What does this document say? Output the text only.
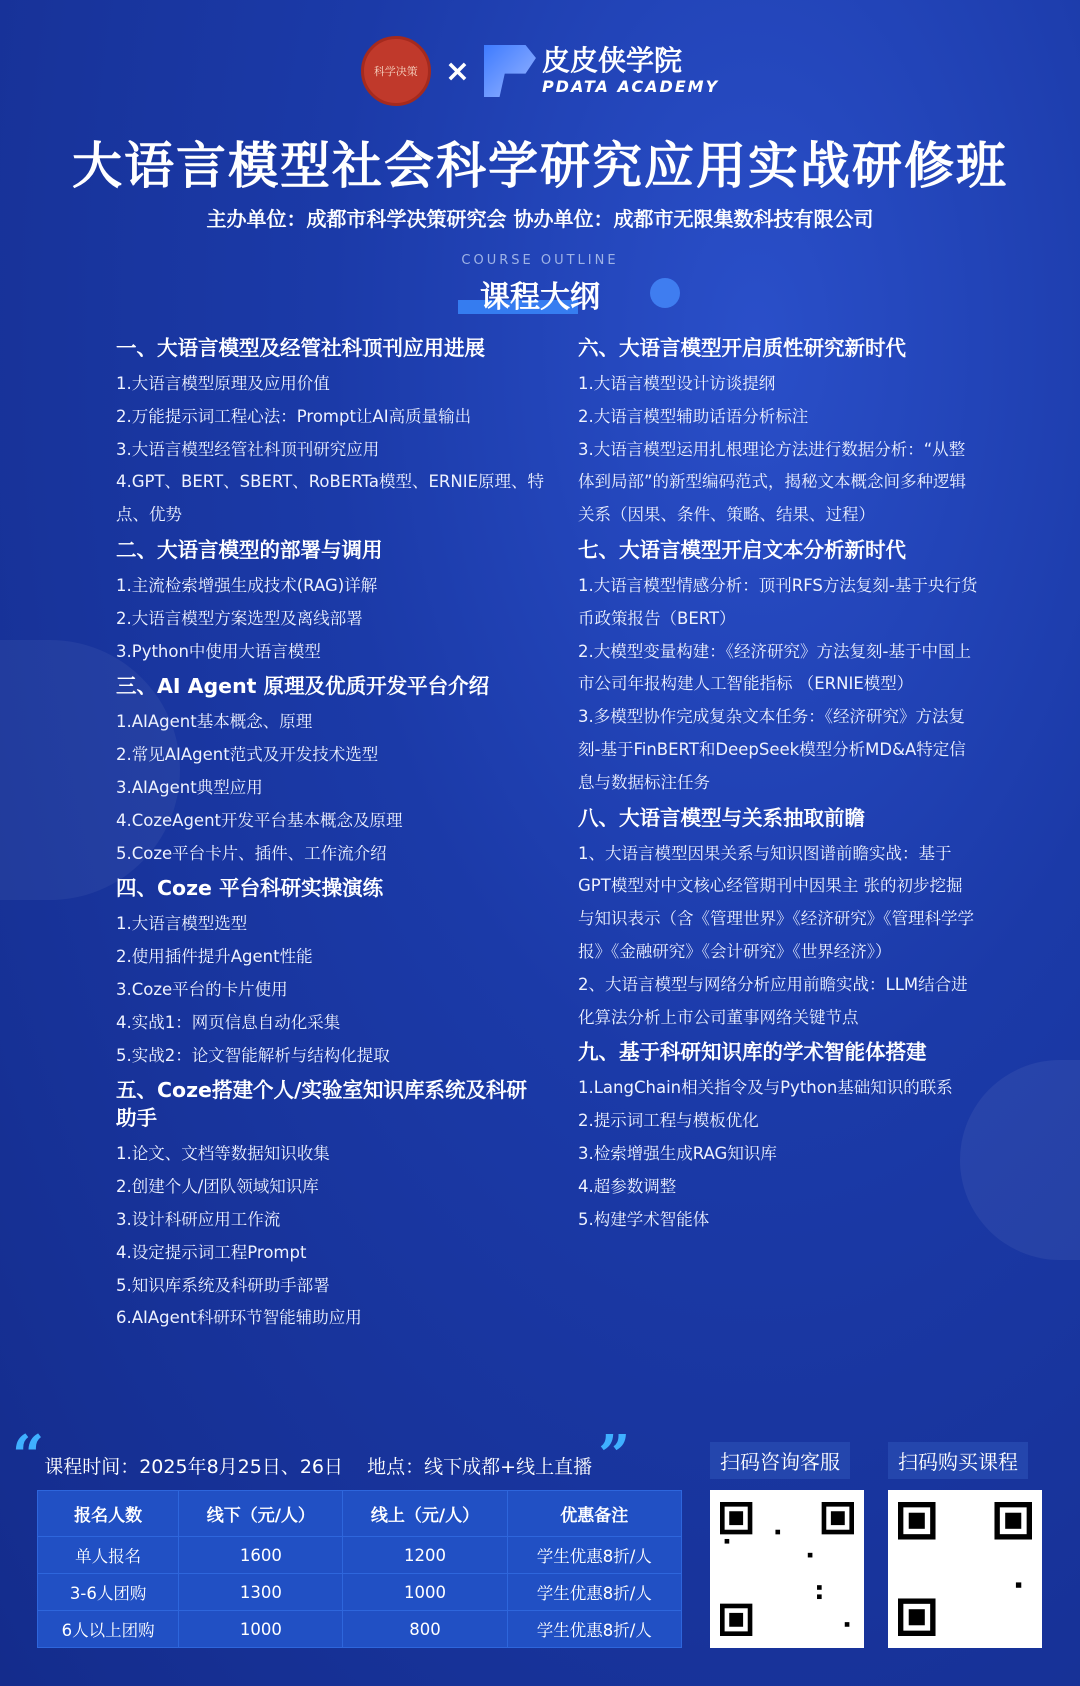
科学决策 ×	皮皮侠学院
PDATA ACADEMY
大语言模型社会科学研究应用实战研修班
主办单位：成都市科学决策研究会 协办单位：成都市无限集数科技有限公司
COURSE OUTLINE
课程大纲
一、大语言模型及经管社科顶刊应用进展

1.大语言模型原理及应用价值

2.万能提示词工程心法：Prompt让AI高质量输出

3.大语言模型经管社科顶刊研究应用

4.GPT、BERT、SBERT、RoBERTa模型、ERNIE原理、特点、优势

二、大语言模型的部署与调用

1.主流检索增强生成技术(RAG)详解

2.大语言模型方案选型及离线部署

3.Python中使用大语言模型

三、AI Agent 原理及优质开发平台介绍

1.AIAgent基本概念、原理

2.常见AIAgent范式及开发技术选型

3.AIAgent典型应用

4.CozeAgent开发平台基本概念及原理

5.Coze平台卡片、插件、工作流介绍

四、Coze 平台科研实操演练

1.大语言模型选型

2.使用插件提升Agent性能

3.Coze平台的卡片使用

4.实战1：网页信息自动化采集

5.实战2：论文智能解析与结构化提取

五、Coze搭建个人/实验室知识库系统及科研助手

1.论文、文档等数据知识收集

2.创建个人/团队领域知识库

3.设计科研应用工作流

4.设定提示词工程Prompt

5.知识库系统及科研助手部署

6.AIAgent科研环节智能辅助应用

六、大语言模型开启质性研究新时代

1.大语言模型设计访谈提纲

2.大语言模型辅助话语分析标注

3.大语言模型运用扎根理论方法进行数据分析：“从整体到局部”的新型编码范式，揭秘文本概念间多种逻辑关系（因果、条件、策略、结果、过程）

七、大语言模型开启文本分析新时代

1.大语言模型情感分析：顶刊RFS方法复刻-基于央行货币政策报告（BERT）

2.大模型变量构建：《经济研究》方法复刻-基于中国上市公司年报构建人工智能指标 （ERNIE模型）

3.多模型协作完成复杂文本任务：《经济研究》方法复刻-基于FinBERT和DeepSeek模型分析MD&A特定信息与数据标注任务

八、大语言模型与关系抽取前瞻

1、大语言模型因果关系与知识图谱前瞻实战：基于GPT模型对中文核心经管期刊中因果主 张的初步挖掘与知识表示（含《管理世界》《经济研究》《管理科学学报》《金融研究》《会计研究》《世界经济》）

2、大语言模型与网络分析应用前瞻实战：LLM结合进化算法分析上市公司董事网络关键节点

九、基于科研知识库的学术智能体搭建

1.LangChain相关指令及与Python基础知识的联系

2.提示词工程与模板优化

3.检索增强生成RAG知识库

4.超参数调整

5.构建学术智能体

“ 课程时间：2025年8月25日、26日    地点：线下成都+线上直播 ”	扫码咨询客服	扫码购买课程
报名人数	线下（元/人）	线上（元/人）	优惠备注
单人报名	1600	1200	学生优惠8折/人
3-6人团购	1300	1000	学生优惠8折/人
6人以上团购	1000	800	学生优惠8折/人
